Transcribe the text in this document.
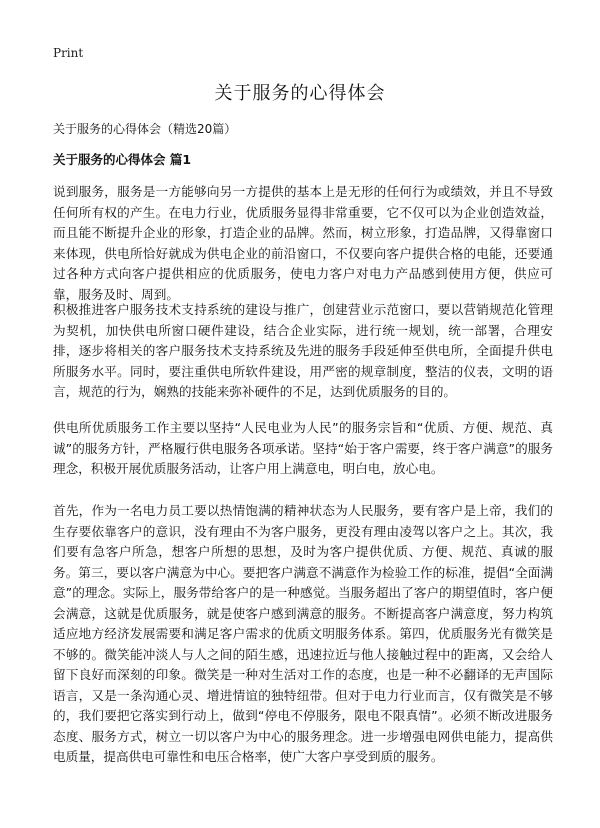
Print
关于服务的心得体会

关于服务的心得体会（精选20篇）

关于服务的心得体会 篇1

说到服务，服务是一方能够向另一方提供的基本上是无形的任何行为或绩效，并且不导致任何所有权的产生。在电力行业，优质服务显得非常重要，它不仅可以为企业创造效益，而且能不断提升企业的形象，打造企业的品牌。然而，树立形象，打造品牌，又得靠窗口来体现，供电所恰好就成为供电企业的前沿窗口，不仅要向客户提供合格的电能，还要通过各种方式向客户提供相应的优质服务，使电力客户对电力产品感到使用方便，供应可靠，服务及时、周到。

积极推进客户服务技术支持系统的建设与推广，创建营业示范窗口，要以营销规范化管理为契机，加快供电所窗口硬件建设，结合企业实际，进行统一规划，统一部署，合理安排，逐步将相关的客户服务技术支持系统及先进的服务手段延伸至供电所，全面提升供电所服务水平。同时，要注重供电所软件建设，用严密的规章制度，整洁的仪表，文明的语言，规范的行为，娴熟的技能来弥补硬件的不足，达到优质服务的目的。

供电所优质服务工作主要以坚持“人民电业为人民”的服务宗旨和“优质、方便、规范、真诚”的服务方针，严格履行供电服务各项承诺。坚持“始于客户需要，终于客户满意”的服务理念，积极开展优质服务活动，让客户用上满意电，明白电，放心电。

首先，作为一名电力员工要以热情饱满的精神状态为人民服务，要有客户是上帝，我们的生存要依靠客户的意识，没有理由不为客户服务，更没有理由凌驾以客户之上。其次，我们要有急客户所急，想客户所想的思想，及时为客户提供优质、方便、规范、真诚的服务。第三，要以客户满意为中心。要把客户满意不满意作为检验工作的标准，提倡“全面满意”的理念。实际上，服务带给客户的是一种感觉。当服务超出了客户的期望值时，客户便会满意，这就是优质服务，就是使客户感到满意的服务。不断提高客户满意度，努力构筑适应地方经济发展需要和满足客户需求的优质文明服务体系。第四，优质服务光有微笑是不够的。微笑能冲淡人与人之间的陌生感，迅速拉近与他人接触过程中的距离，又会给人留下良好而深刻的印象。微笑是一种对生活对工作的态度，也是一种不必翻译的无声国际语言，又是一条沟通心灵、增进情谊的独特纽带。但对于电力行业而言，仅有微笑是不够的，我们要把它落实到行动上，做到“停电不停服务，限电不限真情”。必须不断改进服务态度、服务方式，树立一切以客户为中心的服务理念。进一步增强电网供电能力，提高供电质量，提高供电可靠性和电压合格率，使广大客户享受到质的服务。
